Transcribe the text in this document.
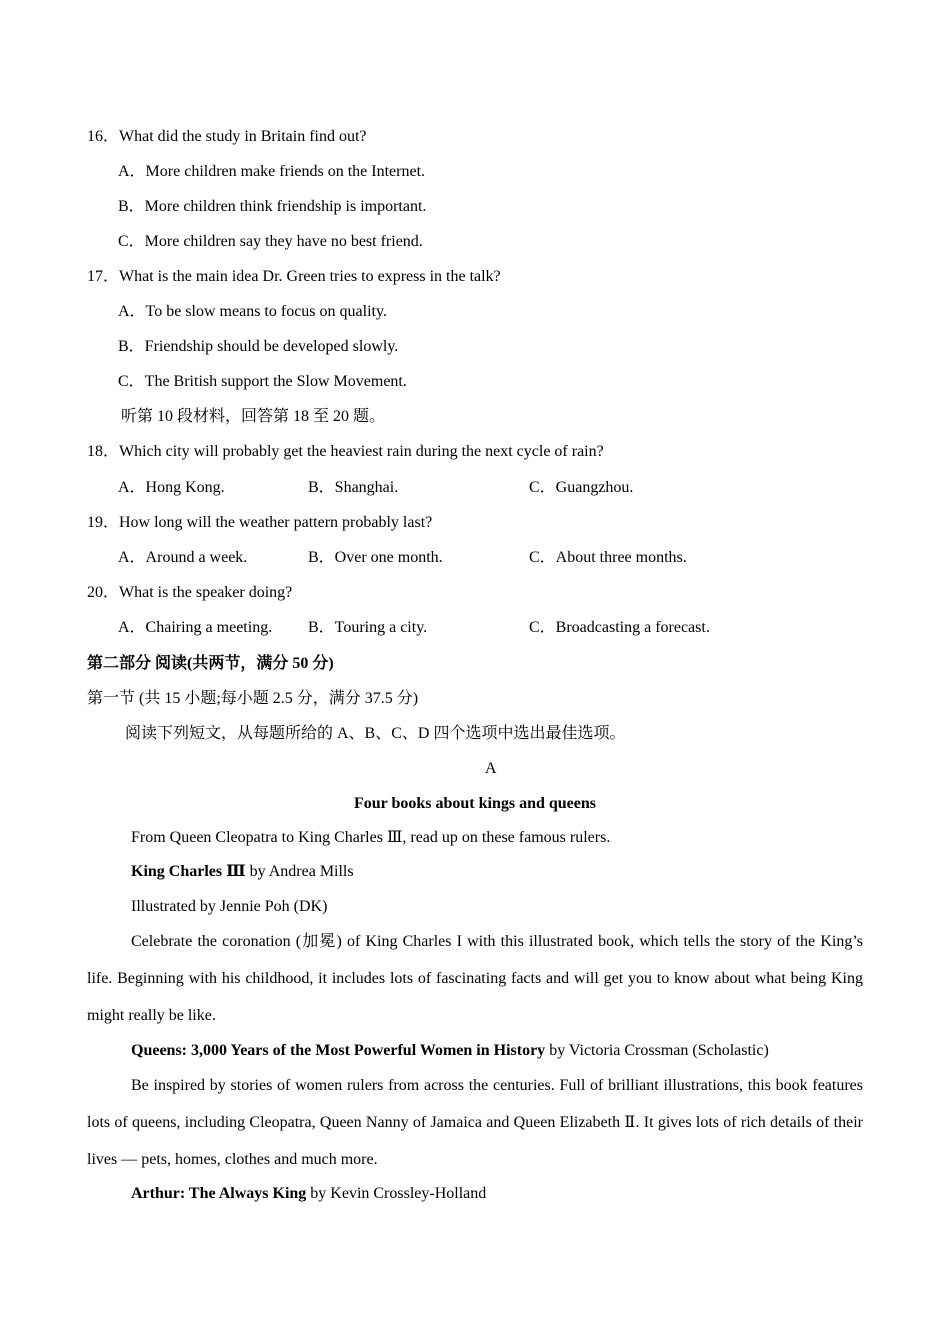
16．What did the study in Britain find out?
A．More children make friends on the Internet.
B．More children think friendship is important.
C．More children say they have no best friend.
17．What is the main idea Dr. Green tries to express in the talk?
A．To be slow means to focus on quality.
B．Friendship should be developed slowly.
C．The British support the Slow Movement.
听第 10 段材料，回答第 18 至 20 题。
18．Which city will probably get the heaviest rain during the next cycle of rain?
A．Hong Kong.	B．Shanghai.	C．Guangzhou.
19．How long will the weather pattern probably last?
A．Around a week.	B．Over one month.	C．About three months.
20．What is the speaker doing?
A．Chairing a meeting. B．Touring a city.	C．Broadcasting a forecast.
第二部分 阅读(共两节，满分 50 分)
第一节 (共 15 小题;每小题 2.5 分，满分 37.5 分)
阅读下列短文，从每题所给的 A、B、C、D 四个选项中选出最佳选项。
A
Four books about kings and queens
From Queen Cleopatra to King Charles Ⅲ, read up on these famous rulers.
King Charles Ⅲ by Andrea Mills
Illustrated by Jennie Poh (DK)
Celebrate the coronation (加冕) of King Charles I with this illustrated book, which tells the story of the King’s life. Beginning with his childhood, it includes lots of fascinating facts and will get you to know about what being King might really be like.
Queens: 3,000 Years of the Most Powerful Women in History by Victoria Crossman (Scholastic)
Be inspired by stories of women rulers from across the centuries. Full of brilliant illustrations, this book features lots of queens, including Cleopatra, Queen Nanny of Jamaica and Queen Elizabeth Ⅱ. It gives lots of rich details of their lives — pets, homes, clothes and much more.
Arthur: The Always King by Kevin Crossley-Holland
